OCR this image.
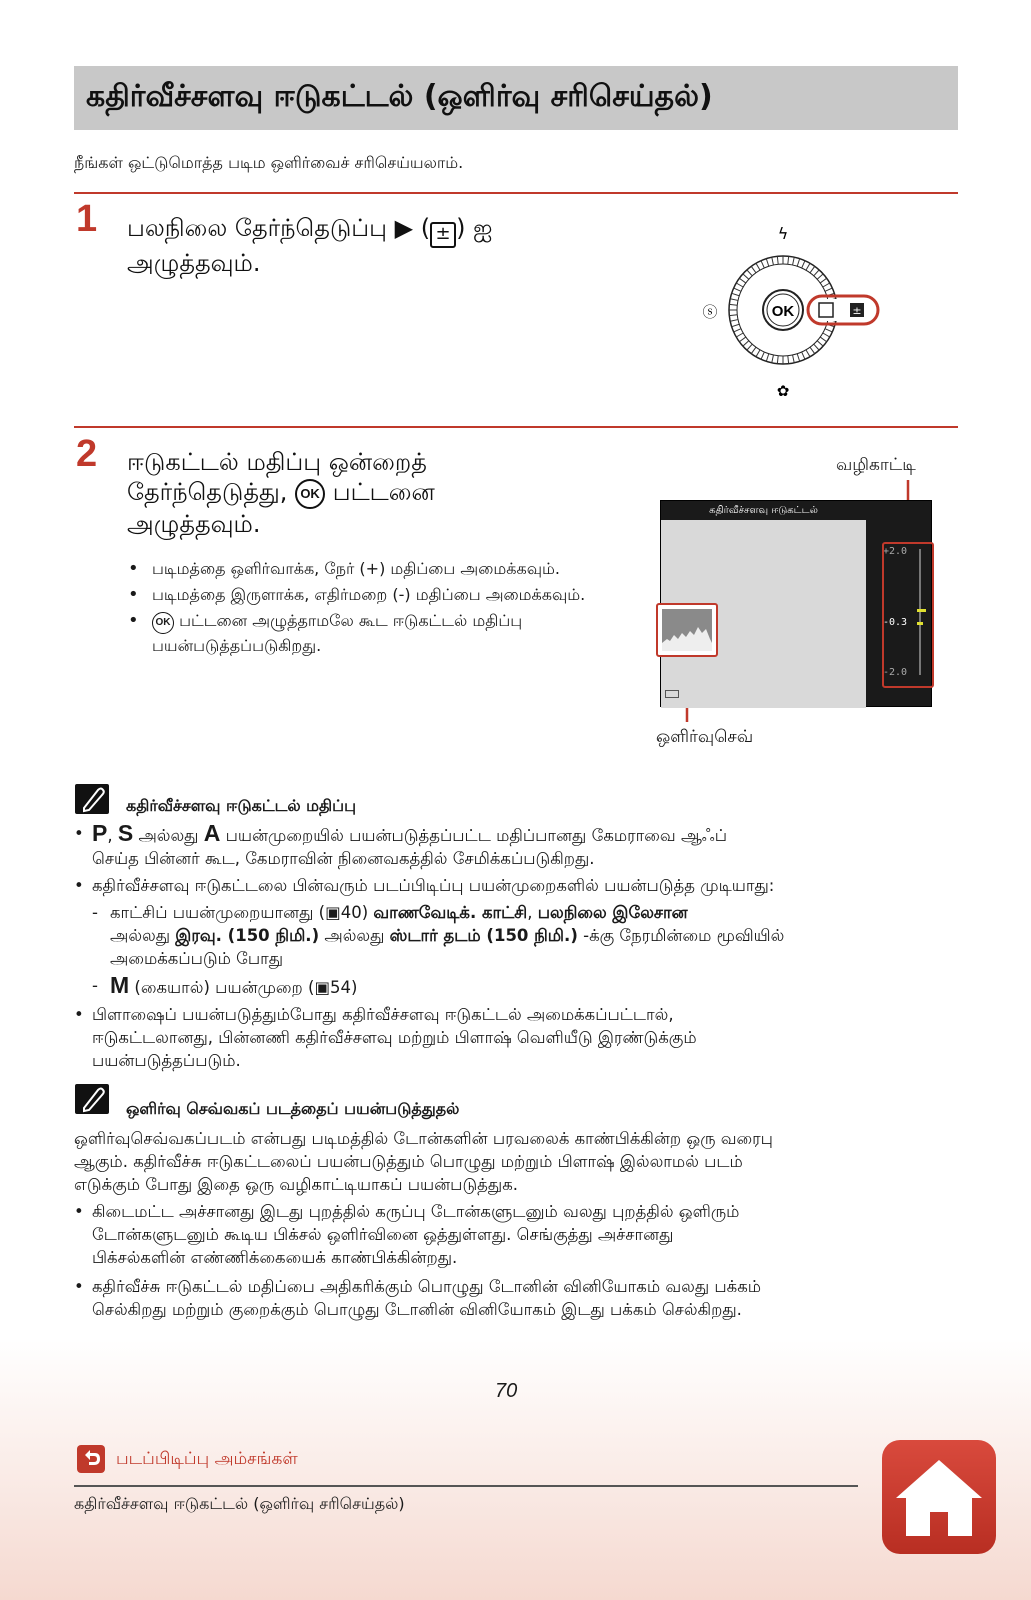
கதிர்வீச்சளவு ஈடுகட்டல் (ஒளிர்வு சரிசெய்தல்)
நீங்கள் ஒட்டுமொத்த படிம ஒளிர்வைச் சரிசெய்யலாம்.
1 பலநிலை தேர்ந்தெடுப்பு ▶ ( ± ) ஐ
அழுத்தவும்.
OK	±
ϟ
ⓢ
✿
2 ஈடுகட்டல் மதிப்பு ஒன்றைத்
தேர்ந்தெடுத்து, OK பட்டனை
அழுத்தவும்.
• படிமத்தை ஒளிர்வாக்க, நேர் (+) மதிப்பை அமைக்கவும்.
• படிமத்தை இருளாக்க, எதிர்மறை (-) மதிப்பை அமைக்கவும்.
• OK பட்டனை அழுத்தாமலே கூட ஈடுகட்டல் மதிப்பு பயன்படுத்தப்படுகிறது.
வழிகாட்டி
கதிர்வீச்சளவு ஈடுகட்டல்
+2.0
-0.3
-2.0
ஒளிர்வுசெவ்
கதிர்வீச்சளவு ஈடுகட்டல் மதிப்பு
• P, S அல்லது A பயன்முறையில் பயன்படுத்தப்பட்ட மதிப்பானது கேமராவை ஆஃப்
செய்த பின்னர் கூட, கேமராவின் நினைவகத்தில் சேமிக்கப்படுகிறது.
• கதிர்வீச்சளவு ஈடுகட்டலை பின்வரும் படப்பிடிப்பு பயன்முறைகளில் பயன்படுத்த முடியாது:
- காட்சிப் பயன்முறையானது (▣40) வாணவேடிக். காட்சி, பலநிலை இலேசான
அல்லது இரவு. (150 நிமி.) அல்லது ஸ்டார் தடம் (150 நிமி.) -க்கு நேரமின்மை மூவியில்
அமைக்கப்படும் போது
- M (கையால்) பயன்முறை (▣54)
• பிளாஷைப் பயன்படுத்தும்போது கதிர்வீச்சளவு ஈடுகட்டல் அமைக்கப்பட்டால்,
ஈடுகட்டலானது, பின்னணி கதிர்வீச்சளவு மற்றும் பிளாஷ் வெளியீடு இரண்டுக்கும்
பயன்படுத்தப்படும்.
ஒளிர்வு செவ்வகப் படத்தைப் பயன்படுத்துதல்
ஒளிர்வுசெவ்வகப்படம் என்பது படிமத்தில் டோன்களின் பரவலைக் காண்பிக்கின்ற ஒரு வரைபு
ஆகும். கதிர்வீச்சு ஈடுகட்டலைப் பயன்படுத்தும் பொழுது மற்றும் பிளாஷ் இல்லாமல் படம்
எடுக்கும் போது இதை ஒரு வழிகாட்டியாகப் பயன்படுத்துக.
• கிடைமட்ட அச்சானது இடது புறத்தில் கருப்பு டோன்களுடனும் வலது புறத்தில் ஒளிரும்
டோன்களுடனும் கூடிய பிக்சல் ஒளிர்வினை ஒத்துள்ளது. செங்குத்து அச்சானது
பிக்சல்களின் எண்ணிக்கையைக் காண்பிக்கின்றது.
• கதிர்வீச்சு ஈடுகட்டல் மதிப்பை அதிகரிக்கும் பொழுது டோனின் வினியோகம் வலது பக்கம்
செல்கிறது மற்றும் குறைக்கும் பொழுது டோனின் வினியோகம் இடது பக்கம் செல்கிறது.
70
படப்பிடிப்பு அம்சங்கள்
கதிர்வீச்சளவு ஈடுகட்டல் (ஒளிர்வு சரிசெய்தல்)
